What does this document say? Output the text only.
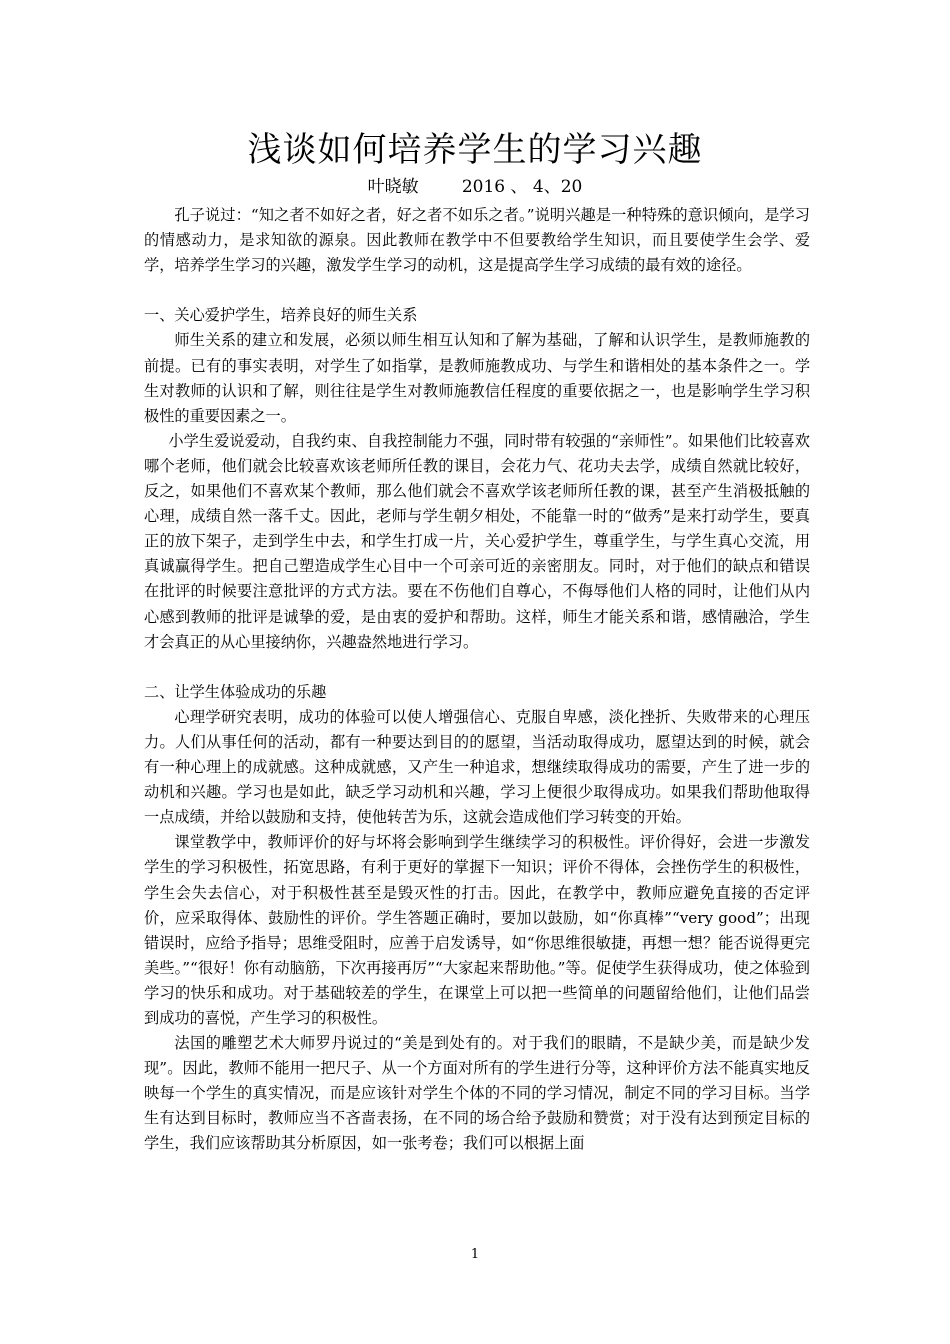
浅谈如何培养学生的学习兴趣
叶晓敏        2016 、 4、20

孔子说过：“知之者不如好之者，好之者不如乐之者。”说明兴趣是一种特殊的意识倾向，是学习的情感动力，是求知欲的源泉。因此教师在教学中不但要教给学生知识，而且要使学生会学、爱学，培养学生学习的兴趣，激发学生学习的动机，这是提高学生学习成绩的最有效的途径。

一、关心爱护学生，培养良好的师生关系

师生关系的建立和发展，必须以师生相互认知和了解为基础，了解和认识学生，是教师施教的前提。已有的事实表明，对学生了如指掌，是教师施教成功、与学生和谐相处的基本条件之一。学生对教师的认识和了解，则往往是学生对教师施教信任程度的重要依据之一，也是影响学生学习积极性的重要因素之一。

小学生爱说爱动，自我约束、自我控制能力不强，同时带有较强的“亲师性”。如果他们比较喜欢哪个老师，他们就会比较喜欢该老师所任教的课目，会花力气、花功夫去学，成绩自然就比较好，反之，如果他们不喜欢某个教师，那么他们就会不喜欢学该老师所任教的课，甚至产生消极抵触的心理，成绩自然一落千丈。因此，老师与学生朝夕相处，不能靠一时的“做秀”是来打动学生，要真正的放下架子，走到学生中去，和学生打成一片，关心爱护学生，尊重学生，与学生真心交流，用真诚赢得学生。把自己塑造成学生心目中一个可亲可近的亲密朋友。同时，对于他们的缺点和错误在批评的时候要注意批评的方式方法。要在不伤他们自尊心，不侮辱他们人格的同时，让他们从内心感到教师的批评是诚挚的爱，是由衷的爱护和帮助。这样，师生才能关系和谐，感情融洽，学生才会真正的从心里接纳你，兴趣盎然地进行学习。

二、让学生体验成功的乐趣

心理学研究表明，成功的体验可以使人增强信心、克服自卑感，淡化挫折、失败带来的心理压力。人们从事任何的活动，都有一种要达到目的的愿望，当活动取得成功，愿望达到的时候，就会有一种心理上的成就感。这种成就感，又产生一种追求，想继续取得成功的需要，产生了进一步的动机和兴趣。学习也是如此，缺乏学习动机和兴趣，学习上便很少取得成功。如果我们帮助他取得一点成绩，并给以鼓励和支持，使他转苦为乐，这就会造成他们学习转变的开始。

课堂教学中，教师评价的好与坏将会影响到学生继续学习的积极性。评价得好，会进一步激发学生的学习积极性，拓宽思路，有利于更好的掌握下一知识；评价不得体，会挫伤学生的积极性，学生会失去信心，对于积极性甚至是毁灭性的打击。因此，在教学中，教师应避免直接的否定评价，应采取得体、鼓励性的评价。学生答题正确时，要加以鼓励，如“你真棒”“very good”；出现错误时，应给予指导；思维受阻时，应善于启发诱导，如“你思维很敏捷，再想一想？能否说得更完美些。”“很好！你有动脑筋，下次再接再厉”“大家起来帮助他。”等。促使学生获得成功，使之体验到学习的快乐和成功。对于基础较差的学生，在课堂上可以把一些简单的问题留给他们，让他们品尝到成功的喜悦，产生学习的积极性。

法国的雕塑艺术大师罗丹说过的“美是到处有的。对于我们的眼睛，不是缺少美，而是缺少发现”。因此，教师不能用一把尺子、从一个方面对所有的学生进行分等，这种评价方法不能真实地反映每一个学生的真实情况，而是应该针对学生个体的不同的学习情况，制定不同的学习目标。当学生有达到目标时，教师应当不吝啬表扬，在不同的场合给予鼓励和赞赏；对于没有达到预定目标的学生，我们应该帮助其分析原因，如一张考卷；我们可以根据上面

1
